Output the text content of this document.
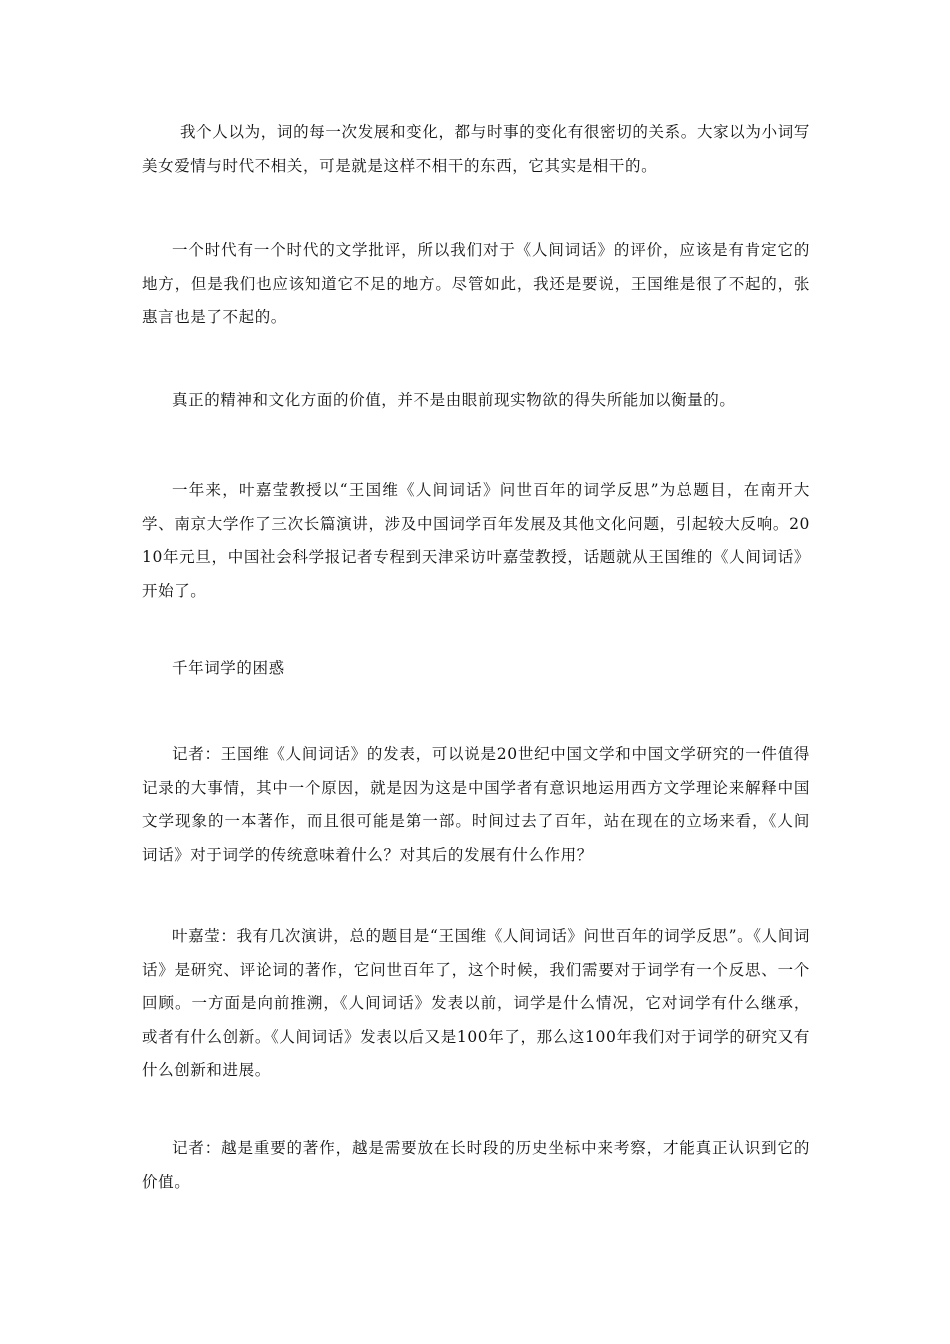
我个人以为，词的每一次发展和变化，都与时事的变化有很密切的关系。大家以为小词写美女爱情与时代不相关，可是就是这样不相干的东西，它其实是相干的。

一个时代有一个时代的文学批评，所以我们对于《人间词话》的评价，应该是有肯定它的地方，但是我们也应该知道它不足的地方。尽管如此，我还是要说，王国维是很了不起的，张惠言也是了不起的。

真正的精神和文化方面的价值，并不是由眼前现实物欲的得失所能加以衡量的。

一年来，叶嘉莹教授以“王国维《人间词话》问世百年的词学反思”为总题目，在南开大学、南京大学作了三次长篇演讲，涉及中国词学百年发展及其他文化问题，引起较大反响。2010年元旦，中国社会科学报记者专程到天津采访叶嘉莹教授，话题就从王国维的《人间词话》开始了。

千年词学的困惑

记者：王国维《人间词话》的发表，可以说是20世纪中国文学和中国文学研究的一件值得记录的大事情，其中一个原因，就是因为这是中国学者有意识地运用西方文学理论来解释中国文学现象的一本著作，而且很可能是第一部。时间过去了百年，站在现在的立场来看，《人间词话》对于词学的传统意味着什么？对其后的发展有什么作用？

叶嘉莹：我有几次演讲，总的题目是“王国维《人间词话》问世百年的词学反思”。《人间词话》是研究、评论词的著作，它问世百年了，这个时候，我们需要对于词学有一个反思、一个回顾。一方面是向前推溯，《人间词话》发表以前，词学是什么情况，它对词学有什么继承，或者有什么创新。《人间词话》发表以后又是100年了，那么这100年我们对于词学的研究又有什么创新和进展。

记者：越是重要的著作，越是需要放在长时段的历史坐标中来考察，才能真正认识到它的价值。
